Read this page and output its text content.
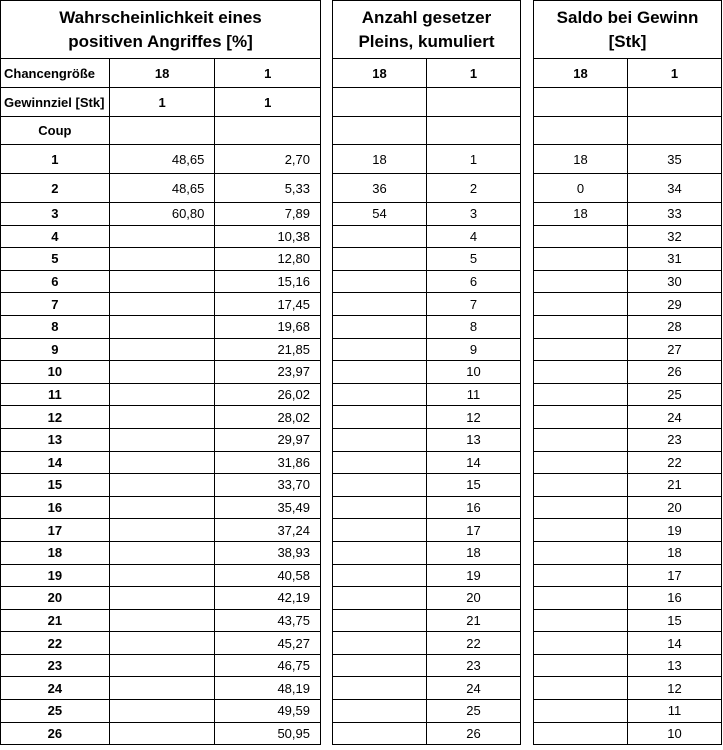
Wahrscheinlichkeit eines
positiven Angriffes [%]		

Chancengröße	18	1
Gewinnziel [Stk]	1	1
Coup		
1	48,65	2,70
2	48,65	5,33
3	60,80	7,89
4		10,38
5		12,80
6		15,16
7		17,45
8		19,68
9		21,85
10		23,97
11		26,02
12		28,02
13		29,97
14		31,86
15		33,70
16		35,49
17		37,24
18		38,93
19		40,58
20		42,19
21		43,75
22		45,27
23		46,75
24		48,19
25		49,59
26		50,95
Anzahl gesetzer
Pleins, kumuliert	

18	1

18	1
36	2
54	3
	4
	5
	6
	7
	8
	9
	10
	11
	12
	13
	14
	15
	16
	17
	18
	19
	20
	21
	22
	23
	24
	25
	26
Saldo bei Gewinn
[Stk]	

18	1

18	35
0	34
18	33
	32
	31
	30
	29
	28
	27
	26
	25
	24
	23
	22
	21
	20
	19
	18
	17
	16
	15
	14
	13
	12
	11
	10
